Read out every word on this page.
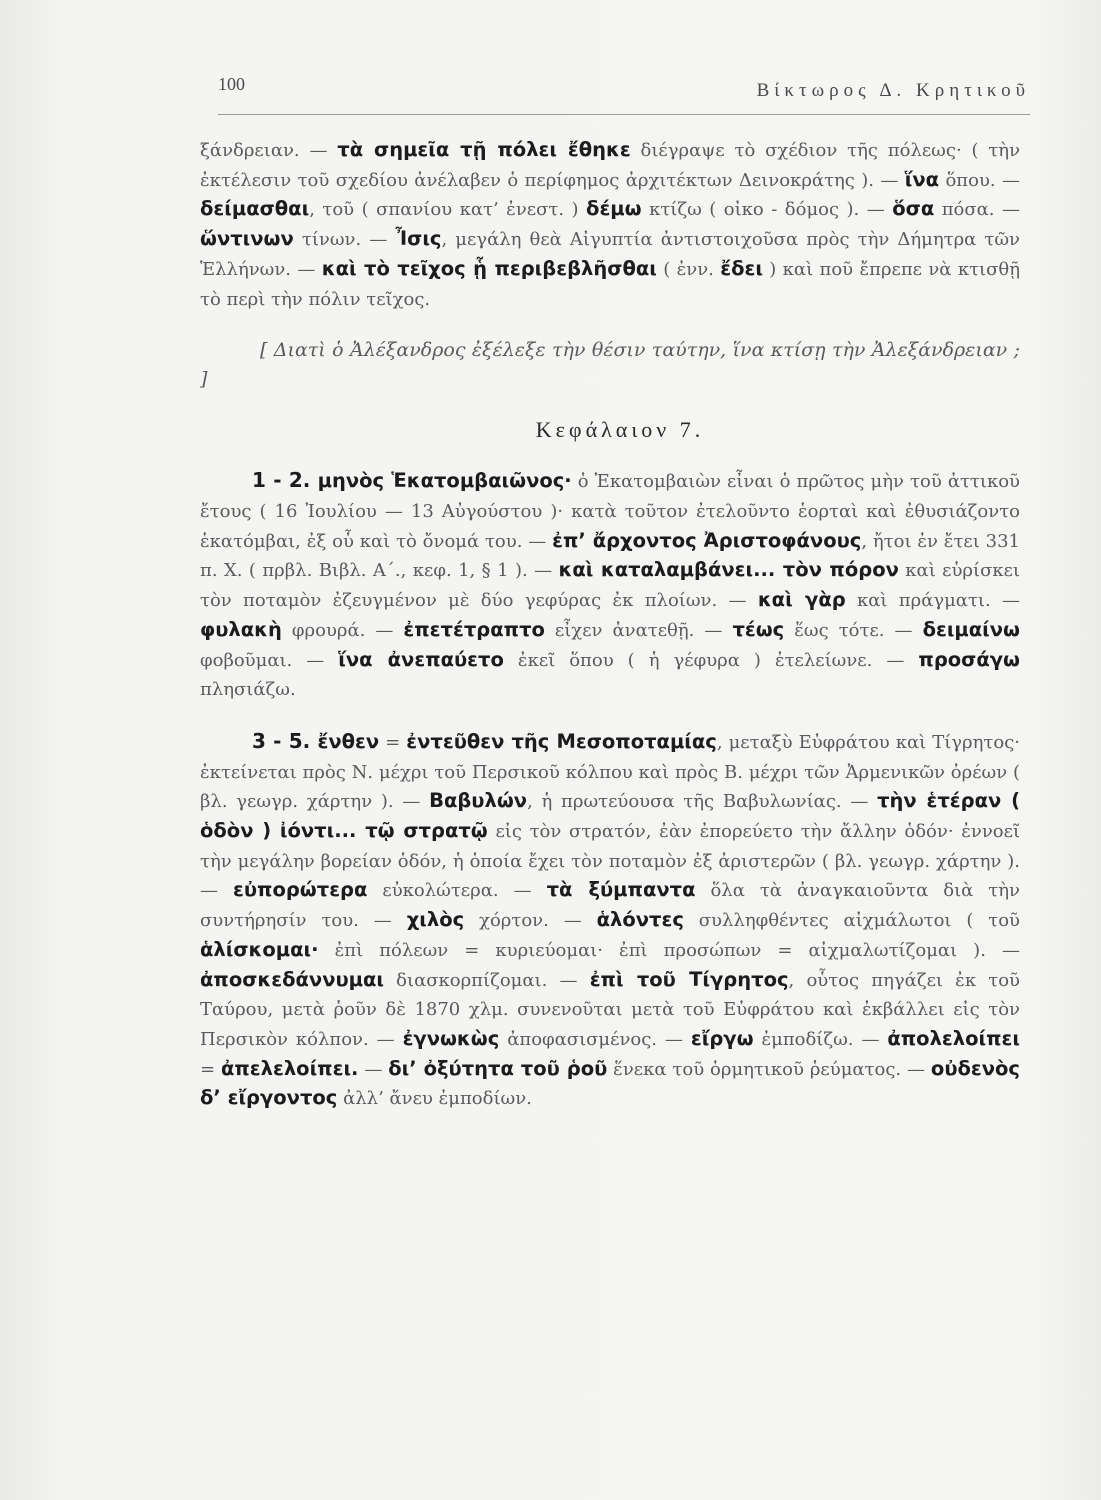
100	Βίκτωρος Δ. Κρητικοῦ

ξάνδρειαν. — τὰ σημεῖα τῇ πόλει ἔθηκε διέγραψε τὸ σχέδιον τῆς πόλεως· ( τὴν ἐκτέλεσιν τοῦ σχεδίου ἀνέλαβεν ὁ περίφημος ἀρχιτέκτων Δεινοκράτης ). — ἵνα ὅπου. — δείμασθαι, τοῦ ( σπανίου κατ’ ἐνεστ. ) δέμω κτίζω ( οἰκο - δόμος ). — ὅσα πόσα. — ὥντινων τίνων. — Ἶσις, μεγάλη θεὰ Αἰγυπτία ἀντιστοιχοῦσα πρὸς τὴν Δήμητρα τῶν Ἑλλήνων. — καὶ τὸ τεῖχος ᾗ περιβεβλῆσθαι ( ἐνν. ἔδει ) καὶ ποῦ ἔπρεπε νὰ κτισθῇ τὸ περὶ τὴν πόλιν τεῖχος.

[ Διατὶ ὁ Ἀλέξανδρος ἐξέλεξε τὴν θέσιν ταύτην, ἵνα κτίσῃ τὴν Ἀλεξάνδρειαν ; ]

Κεφάλαιον 7.

1 - 2. μηνὸς Ἑκατομβαιῶνος· ὁ Ἑκατομβαιὼν εἶναι ὁ πρῶτος μὴν τοῦ ἀττικοῦ ἔτους ( 16 Ἰουλίου — 13 Αὐγούστου )· κατὰ τοῦτον ἐτελοῦντο ἑορταὶ καὶ ἐθυσιάζοντο ἑκατόμβαι, ἐξ οὗ καὶ τὸ ὄνομά του. — ἐπ’ ἄρχοντος Ἀριστοφάνους, ἤτοι ἐν ἔτει 331 π. Χ. ( πρβλ. Βιβλ. Α΄., κεφ. 1, § 1 ). — καὶ καταλαμβάνει... τὸν πόρον καὶ εὑρίσκει τὸν ποταμὸν ἐζευγμένον μὲ δύο γεφύρας ἐκ πλοίων. — καὶ γὰρ καὶ πράγματι. — φυλακὴ φρουρά. — ἐπετέτραπτο εἶχεν ἀνατεθῇ. — τέως ἕως τότε. — δειμαίνω φοβοῦμαι. — ἵνα ἀνεπαύετο ἐκεῖ ὅπου ( ἡ γέφυρα ) ἐτελείωνε. — προσάγω πλησιάζω.

3 - 5. ἔνθεν = ἐντεῦθεν τῆς Μεσοποταμίας, μεταξὺ Εὐφράτου καὶ Τίγρητος· ἐκτείνεται πρὸς Ν. μέχρι τοῦ Περσικοῦ κόλπου καὶ πρὸς Β. μέχρι τῶν Ἀρμενικῶν ὀρέων ( βλ. γεωγρ. χάρτην ). — Βαβυλών, ἡ πρωτεύουσα τῆς Βαβυλωνίας. — τὴν ἑτέραν ( ὁδὸν ) ἰόντι... τῷ στρατῷ εἰς τὸν στρατόν, ἐὰν ἐπορεύετο τὴν ἄλλην ὁδόν· ἐννοεῖ τὴν μεγάλην βορείαν ὁδόν, ἡ ὁποία ἔχει τὸν ποταμὸν ἐξ ἀριστερῶν ( βλ. γεωγρ. χάρτην ). — εὐπορώτερα εὐκολώτερα. — τὰ ξύμπαντα ὅλα τὰ ἀναγκαιοῦντα διὰ τὴν συντήρησίν του. — χιλὸς χόρτον. — ἁλόντες συλληφθέντες αἰχμάλωτοι ( τοῦ ἁλίσκομαι· ἐπὶ πόλεων = κυριεύομαι· ἐπὶ προσώπων = αἰχμαλωτίζομαι ). — ἀποσκεδάννυμαι διασκορπίζομαι. — ἐπὶ τοῦ Τίγρητος, οὗτος πηγάζει ἐκ τοῦ Ταύρου, μετὰ ῥοῦν δὲ 1870 χλμ. συνενοῦται μετὰ τοῦ Εὐφράτου καὶ ἐκβάλλει εἰς τὸν Περσικὸν κόλπον. — ἐγνωκὼς ἀποφασισμένος. — εἴργω ἐμποδίζω. — ἀπολελοίπει = ἀπελελοίπει. — δι’ ὀξύτητα τοῦ ῥοῦ ἕνεκα τοῦ ὁρμητικοῦ ῥεύματος. — οὐδενὸς δ’ εἴργοντος ἀλλ’ ἄνευ ἐμποδίων.
